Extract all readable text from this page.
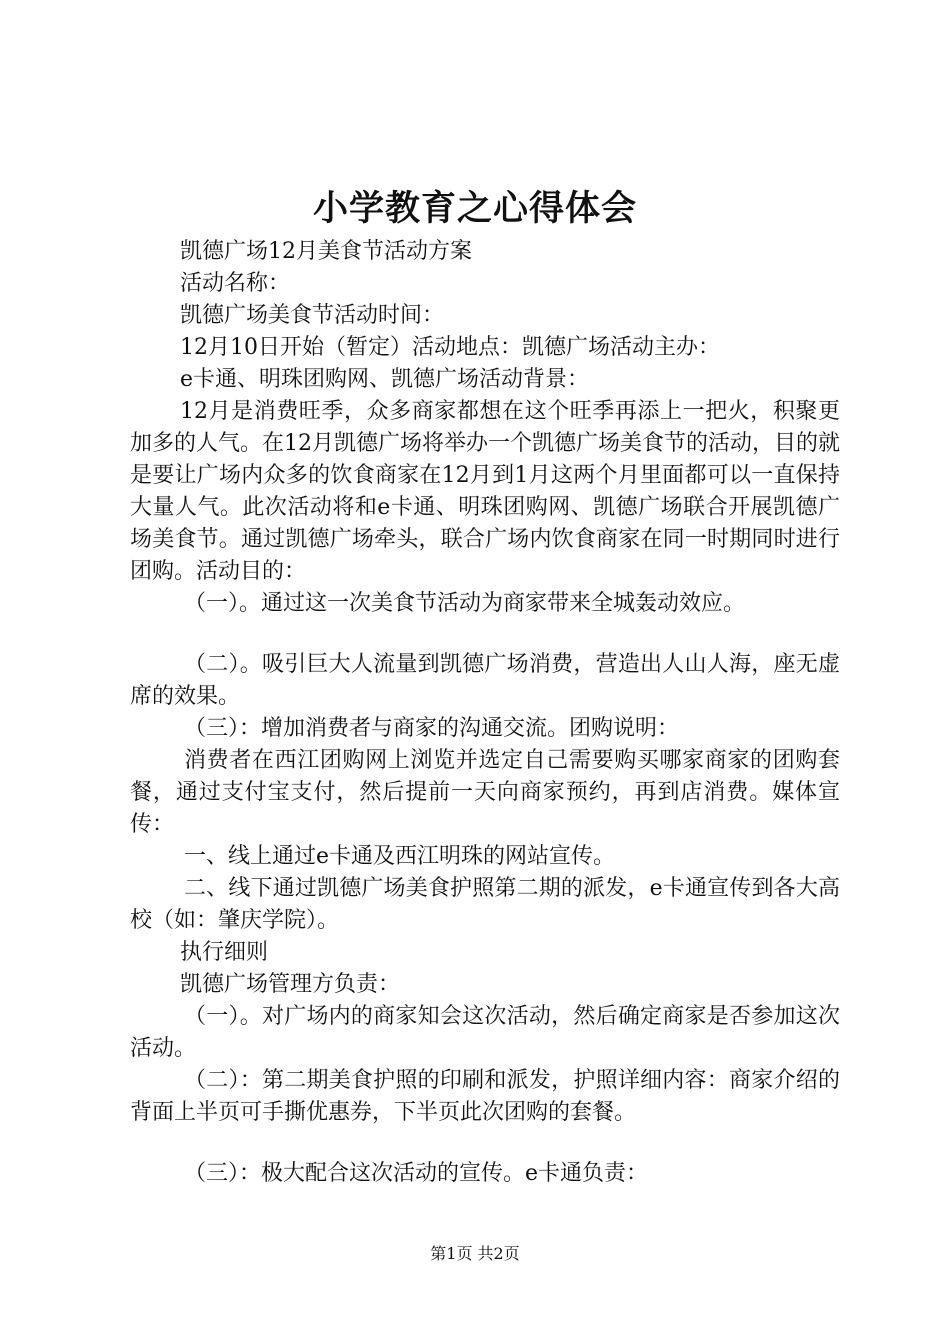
小学教育之心得体会

凯德广场12月美食节活动方案

活动名称：

凯德广场美食节活动时间：

12月10日开始（暂定）活动地点：凯德广场活动主办：

e卡通、明珠团购网、凯德广场活动背景：

12月是消费旺季，众多商家都想在这个旺季再添上一把火，积聚更加多的人气。在12月凯德广场将举办一个凯德广场美食节的活动，目的就是要让广场内众多的饮食商家在12月到1月这两个月里面都可以一直保持大量人气。此次活动将和e卡通、明珠团购网、凯德广场联合开展凯德广场美食节。通过凯德广场牵头，联合广场内饮食商家在同一时期同时进行团购。活动目的：

（一）。通过这一次美食节活动为商家带来全城轰动效应。

（二）。吸引巨大人流量到凯德广场消费，营造出人山人海，座无虚席的效果。

（三）：增加消费者与商家的沟通交流。团购说明：

消费者在西江团购网上浏览并选定自己需要购买哪家商家的团购套餐，通过支付宝支付，然后提前一天向商家预约，再到店消费。媒体宣传：

一、线上通过e卡通及西江明珠的网站宣传。

二、线下通过凯德广场美食护照第二期的派发，e卡通宣传到各大高校（如：肇庆学院）。

执行细则

凯德广场管理方负责：

（一）。对广场内的商家知会这次活动，然后确定商家是否参加这次活动。

（二）：第二期美食护照的印刷和派发，护照详细内容：商家介绍的背面上半页可手撕优惠券，下半页此次团购的套餐。

（三）：极大配合这次活动的宣传。e卡通负责：

第1页 共2页
